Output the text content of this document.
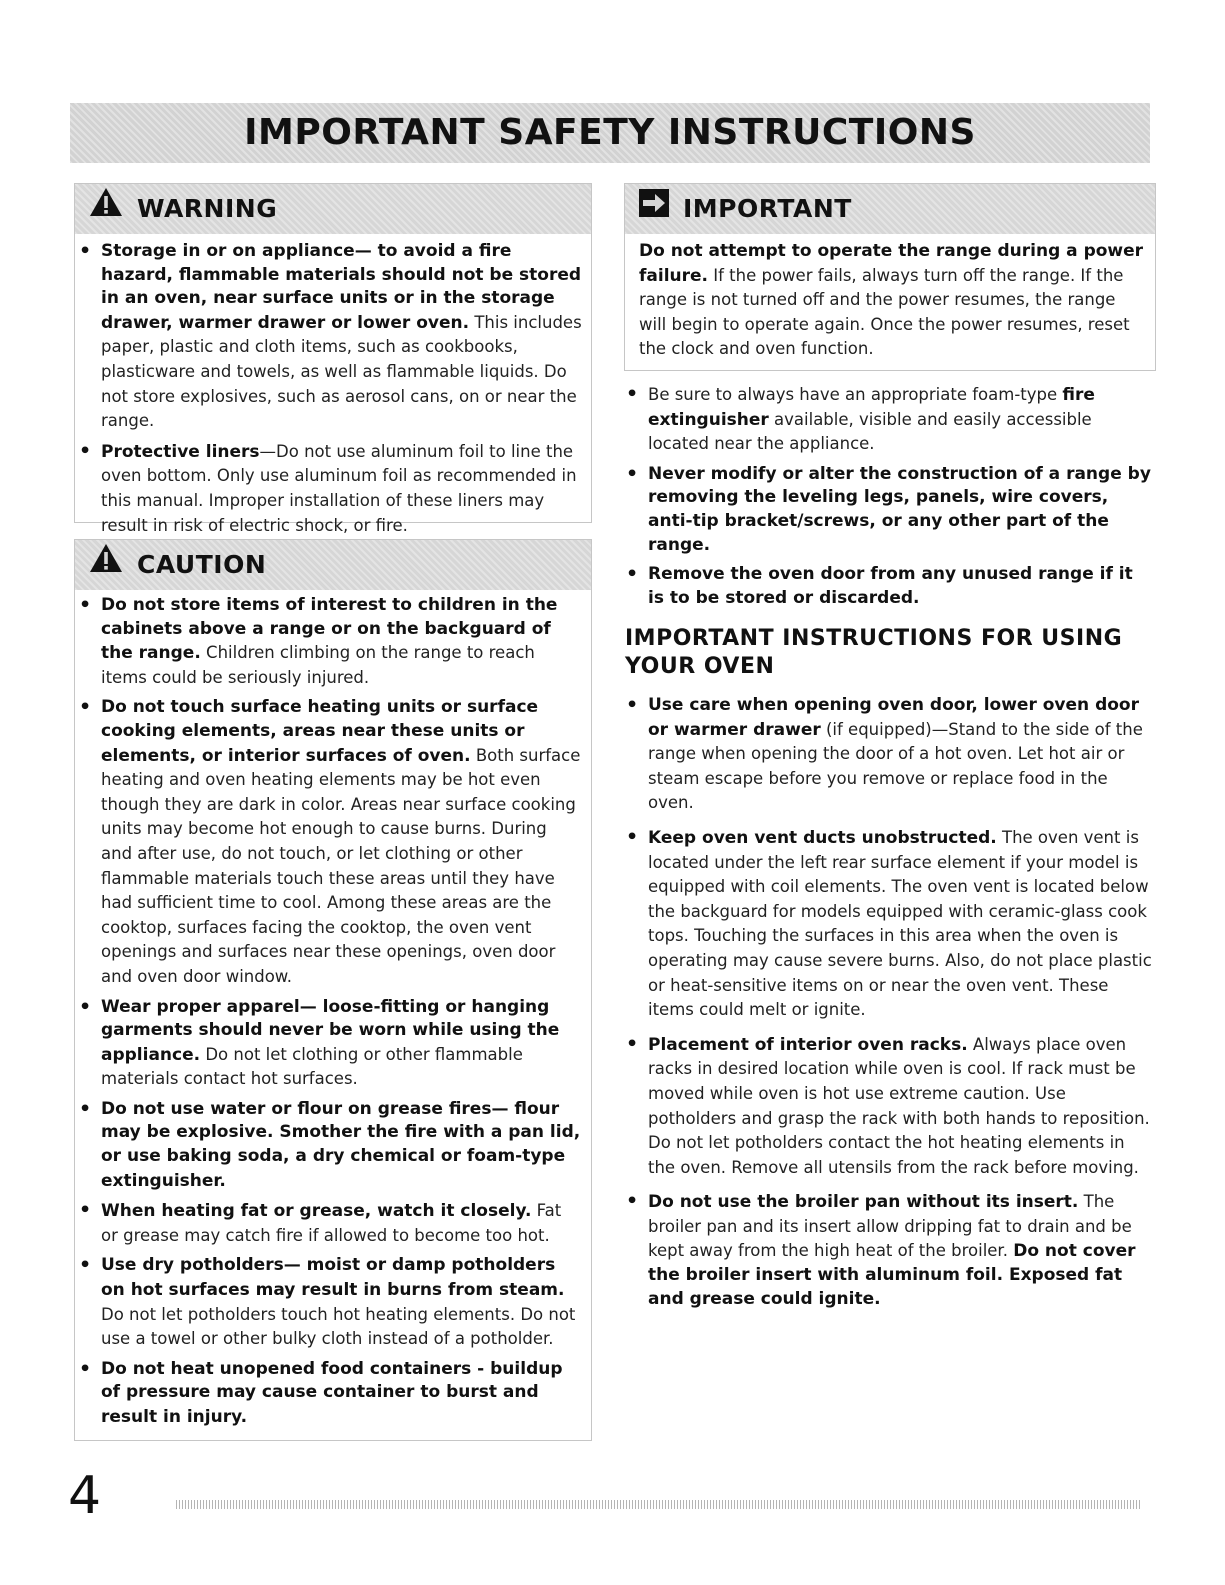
IMPORTANT SAFETY INSTRUCTIONS
WARNING
• Storage in or on appliance— to avoid a fire hazard, flammable materials should not be stored in an oven, near surface units or in the storage drawer, warmer drawer or lower oven. This includes paper, plastic and cloth items, such as cookbooks, plasticware and towels, as well as flammable liquids. Do not store explosives, such as aerosol cans, on or near the range.
• Protective liners—Do not use aluminum foil to line the oven bottom. Only use aluminum foil as recommended in this manual. Improper installation of these liners may result in risk of electric shock, or fire.
CAUTION
• Do not store items of interest to children in the cabinets above a range or on the backguard of the range. Children climbing on the range to reach items could be seriously injured.
• Do not touch surface heating units or surface cooking elements, areas near these units or elements, or interior surfaces of oven. Both surface heating and oven heating elements may be hot even though they are dark in color. Areas near surface cooking units may become hot enough to cause burns. During and after use, do not touch, or let clothing or other flammable materials touch these areas until they have had sufficient time to cool. Among these areas are the cooktop, surfaces facing the cooktop, the oven vent openings and surfaces near these openings, oven door and oven door window.
• Wear proper apparel— loose-fitting or hanging garments should never be worn while using the appliance. Do not let clothing or other flammable materials contact hot surfaces.
• Do not use water or flour on grease fires— flour may be explosive. Smother the fire with a pan lid, or use baking soda, a dry chemical or foam-type extinguisher.
• When heating fat or grease, watch it closely. Fat or grease may catch fire if allowed to become too hot.
• Use dry potholders— moist or damp potholders on hot surfaces may result in burns from steam. Do not let potholders touch hot heating elements. Do not use a towel or other bulky cloth instead of a potholder.
• Do not heat unopened food containers - buildup of pressure may cause container to burst and result in injury.
IMPORTANT
Do not attempt to operate the range during a power failure. If the power fails, always turn off the range. If the range is not turned off and the power resumes, the range will begin to operate again. Once the power resumes, reset the clock and oven function.
• Be sure to always have an appropriate foam-type fire extinguisher available, visible and easily accessible located near the appliance.
• Never modify or alter the construction of a range by removing the leveling legs, panels, wire covers, anti-tip bracket/screws, or any other part of the range.
• Remove the oven door from any unused range if it is to be stored or discarded.
IMPORTANT INSTRUCTIONS FOR USING YOUR OVEN
• Use care when opening oven door, lower oven door or warmer drawer (if equipped)—Stand to the side of the range when opening the door of a hot oven. Let hot air or steam escape before you remove or replace food in the oven.
• Keep oven vent ducts unobstructed. The oven vent is located under the left rear surface element if your model is equipped with coil elements. The oven vent is located below the backguard for models equipped with ceramic-glass cook tops. Touching the surfaces in this area when the oven is operating may cause severe burns. Also, do not place plastic or heat-sensitive items on or near the oven vent. These items could melt or ignite.
• Placement of interior oven racks. Always place oven racks in desired location while oven is cool. If rack must be moved while oven is hot use extreme caution. Use potholders and grasp the rack with both hands to reposition. Do not let potholders contact the hot heating elements in the oven. Remove all utensils from the rack before moving.
• Do not use the broiler pan without its insert. The broiler pan and its insert allow dripping fat to drain and be kept away from the high heat of the broiler. Do not cover the broiler insert with aluminum foil. Exposed fat and grease could ignite.
4
